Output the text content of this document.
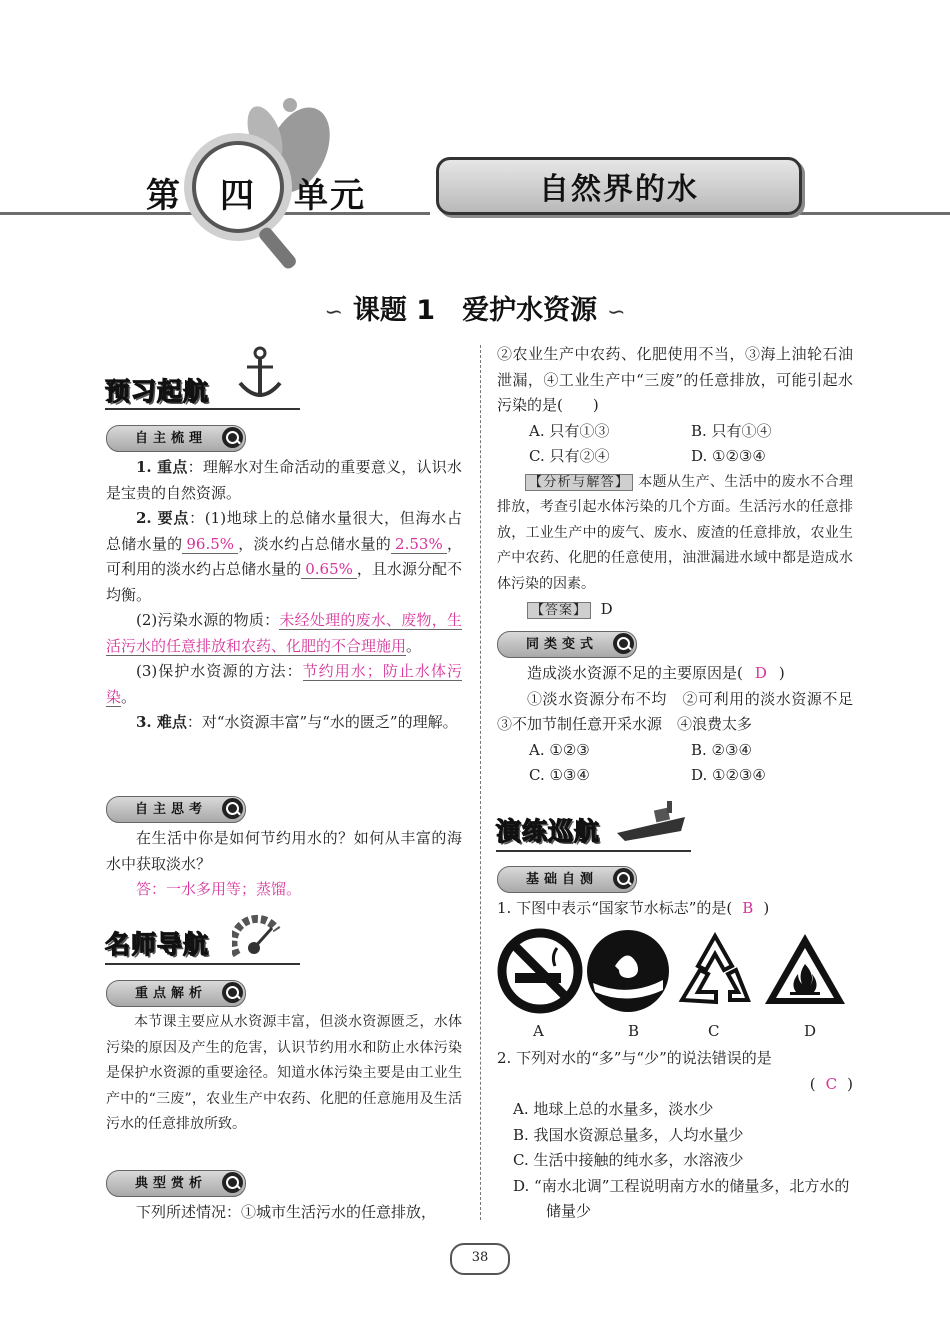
第 四 单 元	自然界的水
∽ 课题 1　爱护水资源 ∽
预习起航
自主梳理

1. 重点：理解水对生命活动的重要意义，认识水是宝贵的自然资源。

2. 要点：(1)地球上的总储水量很大，但海水占总储水量的 96.5% ，淡水约占总储水量的 2.53% ，可利用的淡水约占总储水量的 0.65% ，且水源分配不均衡。

(2)污染水源的物质：未经处理的废水、废物，生活污水的任意排放和农药、化肥的不合理施用。

(3)保护水资源的方法：节约用水；防止水体污染。

3. 难点：对“水资源丰富”与“水的匮乏”的理解。

自主思考

在生活中你是如何节约用水的？如何从丰富的海水中获取淡水？

答：一水多用等；蒸馏。

名师导航
重点解析

本节课主要应从水资源丰富，但淡水资源匮乏，水体污染的原因及产生的危害，认识节约用水和防止水体污染是保护水资源的重要途径。知道水体污染主要是由工业生产中的“三废”，农业生产中农药、化肥的任意施用及生活污水的任意排放所致。

典型赏析

下列所述情况：①城市生活污水的任意排放，

②农业生产中农药、化肥使用不当，③海上油轮石油泄漏，④工业生产中“三废”的任意排放，可能引起水污染的是(　　)

A. 只有①③	B. 只有①④
C. 只有②④	D. ①②③④

【分析与解答】 本题从生产、生活中的废水不合理排放，考查引起水体污染的几个方面。生活污水的任意排放，工业生产中的废气、废水、废渣的任意排放，农业生产中农药、化肥的任意使用，油泄漏进水域中都是造成水体污染的因素。

【答案】 D

同类变式

造成淡水资源不足的主要原因是( D )

①淡水资源分布不均　②可利用的淡水资源不足　③不加节制任意开采水源　④浪费太多

A. ①②③	B. ②③④
C. ①③④	D. ①②③④
演练巡航
基础自测

1. 下图中表示“国家节水标志”的是( B )

A	B	C	D

2. 下列对水的“多”与“少”的说法错误的是

( C )

A. 地球上总的水量多，淡水少
B. 我国水资源总量多，人均水量少
C. 生活中接触的纯水多，水溶液少
D. “南水北调”工程说明南方水的储量多，北方水的储量少
38
